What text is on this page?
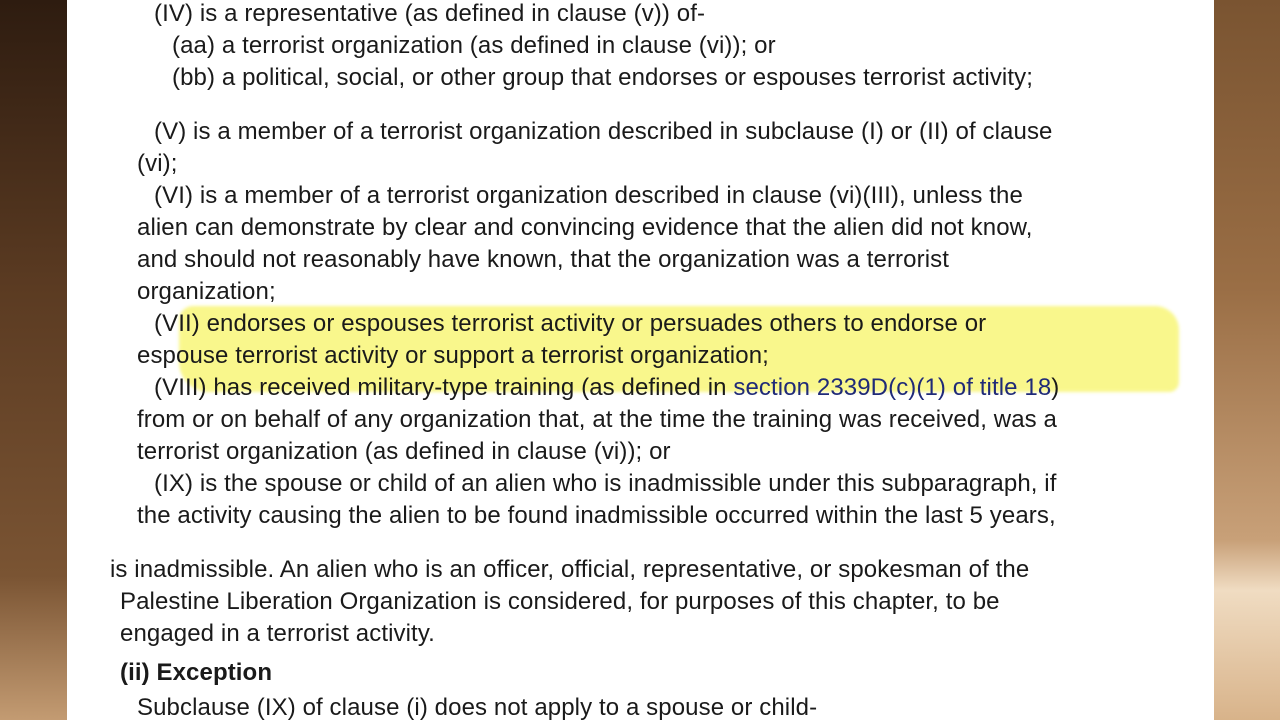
(IV) is a representative (as defined in clause (v)) of-
(aa) a terrorist organization (as defined in clause (vi)); or
(bb) a political, social, or other group that endorses or espouses terrorist activity;
(V) is a member of a terrorist organization described in subclause (I) or (II) of clause
(vi);
(VI) is a member of a terrorist organization described in clause (vi)(III), unless the
alien can demonstrate by clear and convincing evidence that the alien did not know,
and should not reasonably have known, that the organization was a terrorist
organization;
(VII) endorses or espouses terrorist activity or persuades others to endorse or
espouse terrorist activity or support a terrorist organization;
(VIII) has received military-type training (as defined in section 2339D(c)(1) of title 18)
from or on behalf of any organization that, at the time the training was received, was a
terrorist organization (as defined in clause (vi)); or
(IX) is the spouse or child of an alien who is inadmissible under this subparagraph, if
the activity causing the alien to be found inadmissible occurred within the last 5 years,
is inadmissible. An alien who is an officer, official, representative, or spokesman of the
Palestine Liberation Organization is considered, for purposes of this chapter, to be
engaged in a terrorist activity.
(ii) Exception
Subclause (IX) of clause (i) does not apply to a spouse or child-
